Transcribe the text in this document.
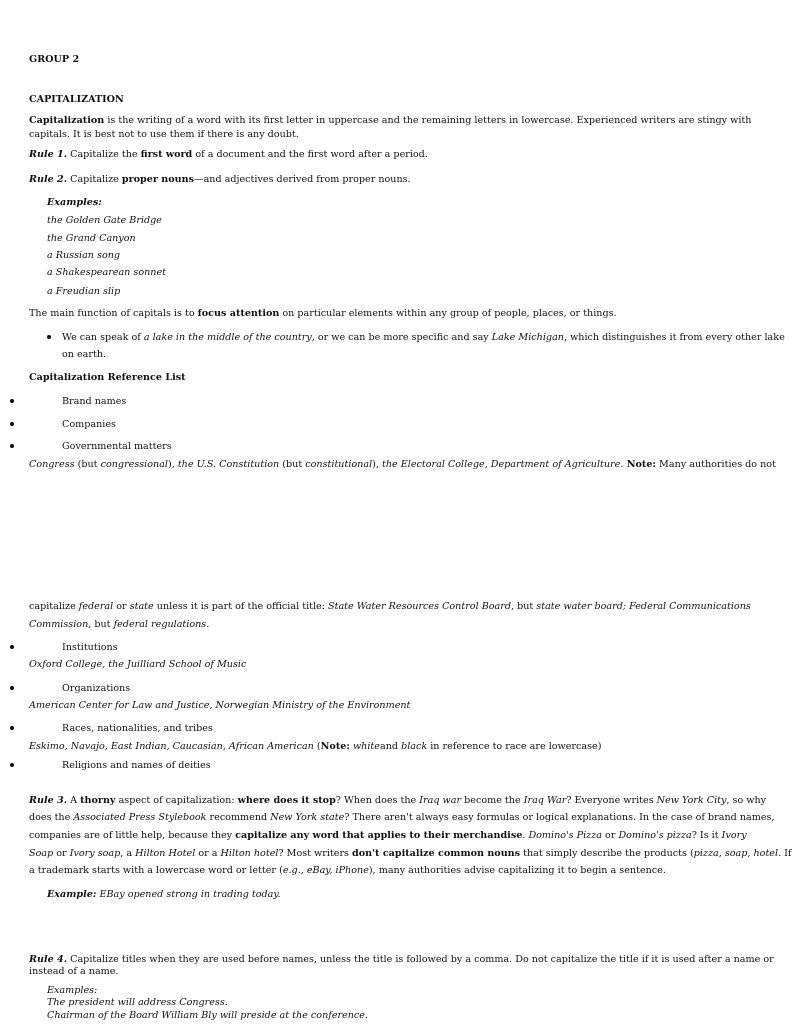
GROUP 2
CAPITALIZATION
Capitalization is the writing of a word with its first letter in uppercase and the remaining letters in lowercase. Experienced writers are stingy with
capitals. It is best not to use them if there is any doubt.
Rule 1. Capitalize the first word of a document and the first word after a period.
Rule 2. Capitalize proper nouns—and adjectives derived from proper nouns.
Examples:
the Golden Gate Bridge
the Grand Canyon
a Russian song
a Shakespearean sonnet
a Freudian slip
The main function of capitals is to focus attention on particular elements within any group of people, places, or things.
We can speak of a lake in the middle of the country, or we can be more specific and say Lake Michigan, which distinguishes it from every other lake
on earth.
Capitalization Reference List
Brand names
Companies
Governmental matters
Congress (but congressional), the U.S. Constitution (but constitutional), the Electoral College, Department of Agriculture. Note: Many authorities do not
capitalize federal or state unless it is part of the official title: State Water Resources Control Board, but state water board; Federal Communications
Commission, but federal regulations.
Institutions
Oxford College, the Juilliard School of Music
Organizations
American Center for Law and Justice, Norwegian Ministry of the Environment
Races, nationalities, and tribes
Eskimo, Navajo, East Indian, Caucasian, African American (Note: whiteand black in reference to race are lowercase)
Religions and names of deities
Rule 3. A thorny aspect of capitalization: where does it stop? When does the Iraq war become the Iraq War? Everyone writes New York City, so why
does the Associated Press Stylebook recommend New York state? There aren't always easy formulas or logical explanations. In the case of brand names,
companies are of little help, because they capitalize any word that applies to their merchandise. Domino's Pizza or Domino's pizza? Is it Ivory
Soap or Ivory soap, a Hilton Hotel or a Hilton hotel? Most writers don't capitalize common nouns that simply describe the products (pizza, soap, hotel. If
a trademark starts with a lowercase word or letter (e.g., eBay, iPhone), many authorities advise capitalizing it to begin a sentence.
Example: EBay opened strong in trading today.
Rule 4. Capitalize titles when they are used before names, unless the title is followed by a comma. Do not capitalize the title if it is used after a name or
instead of a name.
Examples:
The president will address Congress.
Chairman of the Board William Bly will preside at the conference.
